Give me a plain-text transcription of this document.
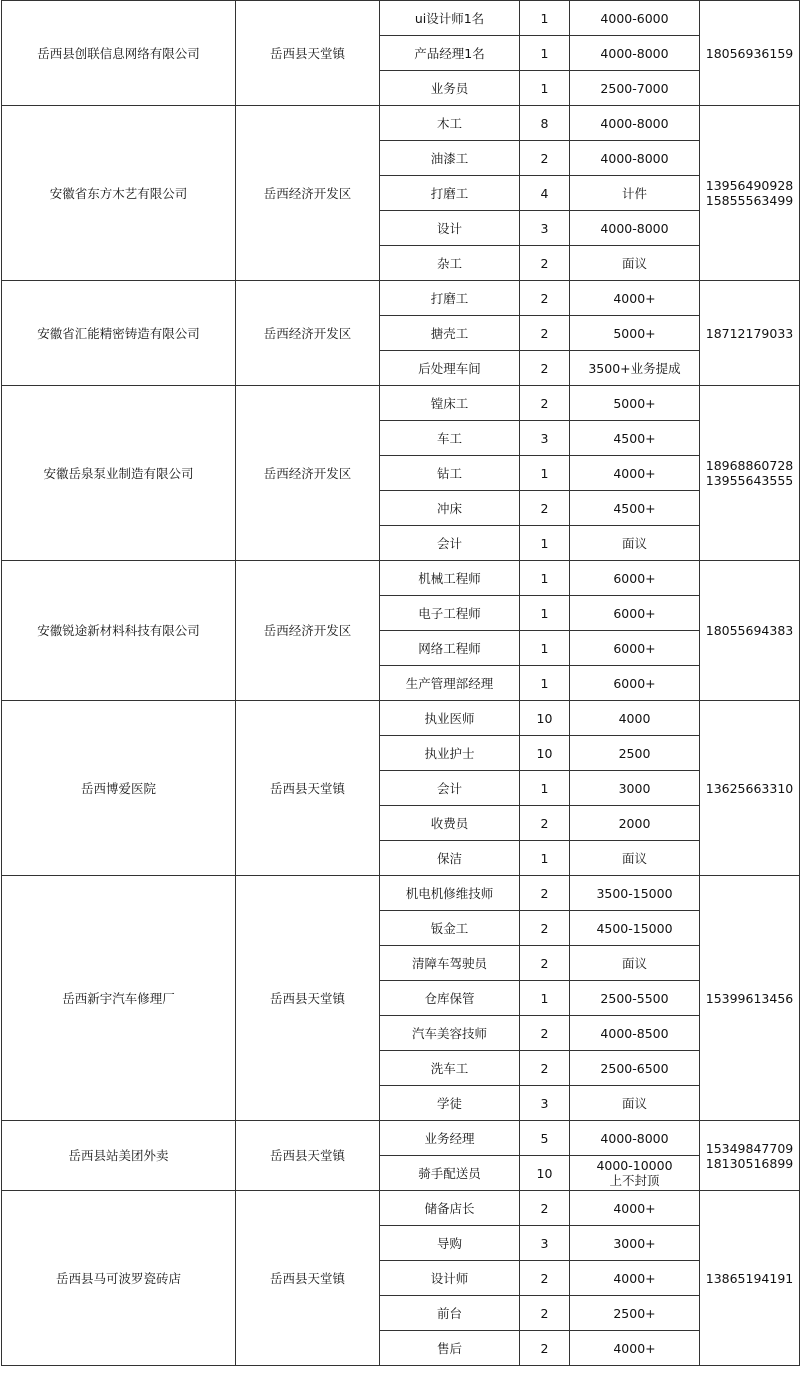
岳西县创联信息网络有限公司	岳西县天堂镇	ui设计师1名	1	4000-6000	18056936159

		产品经理1名	1	4000-8000	

		业务员	1	2500-7000	

安徽省东方木艺有限公司	岳西经济开发区	木工	8	4000-8000	13956490928
15855563499

		油漆工	2	4000-8000	

		打磨工	4	计件	

		设计	3	4000-8000	

		杂工	2	面议	

安徽省汇能精密铸造有限公司	岳西经济开发区	打磨工	2	4000+	18712179033

		搪壳工	2	5000+	

		后处理车间	2	3500+业务提成	

安徽岳泉泵业制造有限公司	岳西经济开发区	镗床工	2	5000+	18968860728
13955643555

		车工	3	4500+	

		钻工	1	4000+	

		冲床	2	4500+	

		会计	1	面议	

安徽锐途新材料科技有限公司	岳西经济开发区	机械工程师	1	6000+	18055694383

		电子工程师	1	6000+	

		网络工程师	1	6000+	

		生产管理部经理	1	6000+	

岳西博爱医院	岳西县天堂镇	执业医师	10	4000	13625663310

		执业护士	10	2500	

		会计	1	3000	

		收费员	2	2000	

		保洁	1	面议	

岳西新宇汽车修理厂	岳西县天堂镇	机电机修维技师	2	3500-15000	15399613456

		钣金工	2	4500-15000	

		清障车驾驶员	2	面议	

		仓库保管	1	2500-5500	

		汽车美容技师	2	4000-8500	

		洗车工	2	2500-6500	

		学徒	3	面议	

岳西县站美团外卖	岳西县天堂镇	业务经理	5	4000-8000	15349847709
18130516899

		骑手配送员	10	4000-10000
上不封顶	

岳西县马可波罗瓷砖店	岳西县天堂镇	储备店长	2	4000+	13865194191

		导购	3	3000+	

		设计师	2	4000+	

		前台	2	2500+	

		售后	2	4000+	
